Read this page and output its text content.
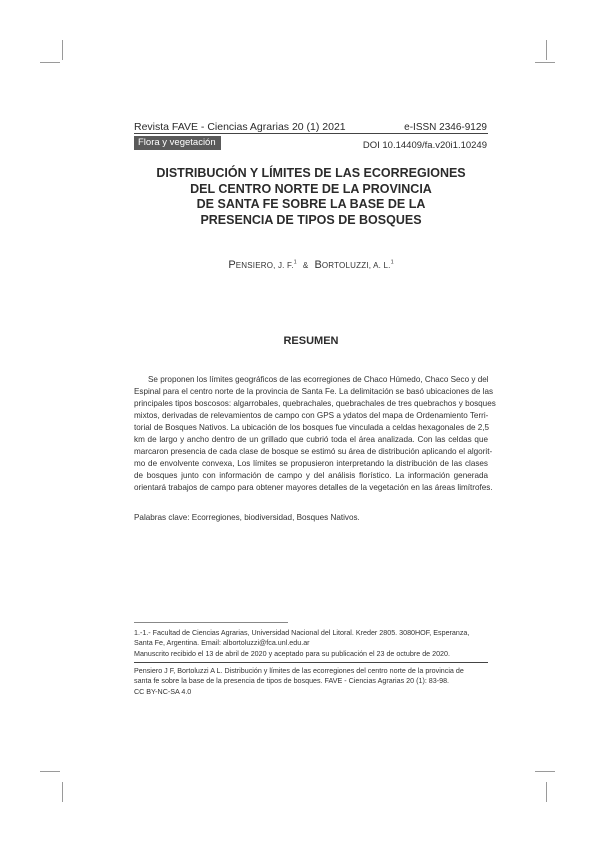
Revista FAVE - Ciencias Agrarias 20 (1) 2021	e-ISSN 2346-9129
Flora y vegetación	DOI 10.14409/fa.v20i1.10249
DISTRIBUCIÓN Y LÍMITES DE LAS ECORREGIONES
DEL CENTRO NORTE DE LA PROVINCIA
DE SANTA FE SOBRE LA BASE DE LA
PRESENCIA DE TIPOS DE BOSQUES
PENSIERO, J. F.$^1$ & BORTOLUZZI, A. L.$^1$
RESUMEN
Se proponen los límites geográficos de las ecorregiones de Chaco Húmedo, Chaco Seco y del
Espinal para el centro norte de la provincia de Santa Fe. La delimitación se basó ubicaciones de las
principales tipos boscosos: algarrobales, quebrachales, quebrachales de tres quebrachos y bosques
mixtos, derivadas de relevamientos de campo con GPS a ydatos del mapa de Ordenamiento Terri-
torial de Bosques Nativos. La ubicación de los bosques fue vinculada a celdas hexagonales de 2,5
km de largo y ancho dentro de un grillado que cubrió toda el área analizada. Con las celdas que
marcaron presencia de cada clase de bosque se estimó su área de distribución aplicando el algorit-
mo de envolvente convexa, Los límites se propusieron interpretando la distribución de las clases
de bosques junto con información de campo y del análisis florístico. La información generada
orientará trabajos de campo para obtener mayores detalles de la vegetación en las áreas limítrofes.
Palabras clave: Ecorregiones, biodiversidad, Bosques Nativos.
1.-1.- Facultad de Ciencias Agrarias, Universidad Nacional del Litoral. Kreder 2805. 3080HOF, Esperanza,
Santa Fe, Argentina. Email: albortoluzzi@fca.unl.edu.ar
Manuscrito recibido el 13 de abril de 2020 y aceptado para su publicación el 23 de octubre de 2020.
Pensiero J F, Bortoluzzi A L. Distribución y límites de las ecorregiones del centro norte de la provincia de
santa fe sobre la base de la presencia de tipos de bosques. FAVE - Ciencias Agrarias 20 (1): 83-98.
CC BY-NC-SA 4.0
